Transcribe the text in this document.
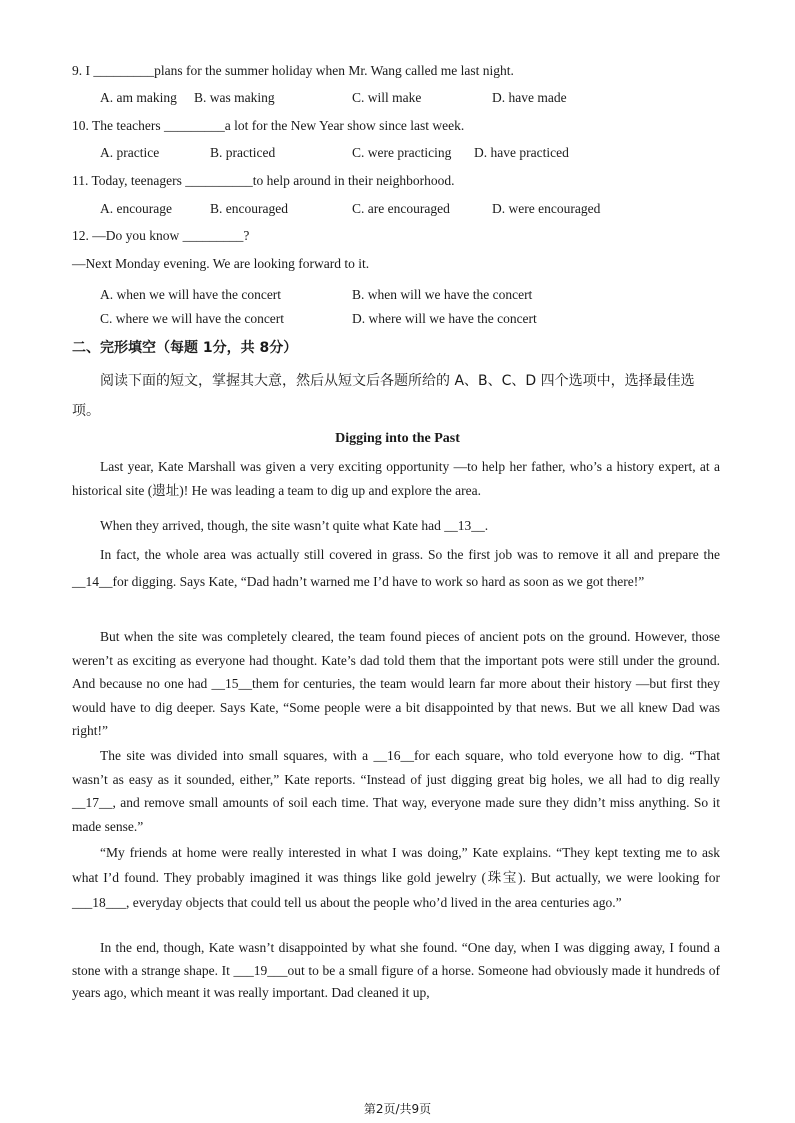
9. I _________plans for the summer holiday when Mr. Wang called me last night.
A. am making B. was making	C. will make	D. have made
10. The teachers _________a lot for the New Year show since last week.
A. practice	B. practiced	C. were practicing D. have practiced
11. Today, teenagers __________to help around in their neighborhood.
A. encourage	B. encouraged	C. are encouraged	D. were encouraged
12. —Do you know _________?
—Next Monday evening. We are looking forward to it.
A. when we will have the concert	B. when will we have the concert
C. where we will have the concert	D. where will we have the concert
二、完形填空（每题 1分，共 8分）
阅读下面的短文，掌握其大意，然后从短文后各题所给的 A、B、C、D 四个选项中，选择最佳选项。
Digging into the Past
Last year, Kate Marshall was given a very exciting opportunity —to help her father, who’s a history expert, at a historical site (遗址)! He was leading a team to dig up and explore the area.
When they arrived, though, the site wasn’t quite what Kate had __13__.
In fact, the whole area was actually still covered in grass. So the first job was to remove it all and prepare the __14__for digging. Says Kate, “Dad hadn’t warned me I’d have to work so hard as soon as we got there!”
But when the site was completely cleared, the team found pieces of ancient pots on the ground. However, those weren’t as exciting as everyone had thought. Kate’s dad told them that the important pots were still under the ground. And because no one had __15__them for centuries, the team would learn far more about their history —but first they would have to dig deeper. Says Kate, “Some people were a bit disappointed by that news. But we all knew Dad was right!”
The site was divided into small squares, with a __16__for each square, who told everyone how to dig. “That wasn’t as easy as it sounded, either,” Kate reports. “Instead of just digging great big holes, we all had to dig really __17__, and remove small amounts of soil each time. That way, everyone made sure they didn’t miss anything. So it made sense.”
“My friends at home were really interested in what I was doing,” Kate explains. “They kept texting me to ask what I’d found. They probably imagined it was things like gold jewelry (珠宝). But actually, we were looking for ___18___, everyday objects that could tell us about the people who’d lived in the area centuries ago.”
In the end, though, Kate wasn’t disappointed by what she found. “One day, when I was digging away, I found a stone with a strange shape. It ___19___out to be a small figure of a horse. Someone had obviously made it hundreds of years ago, which meant it was really important. Dad cleaned it up,
第2页/共9页
